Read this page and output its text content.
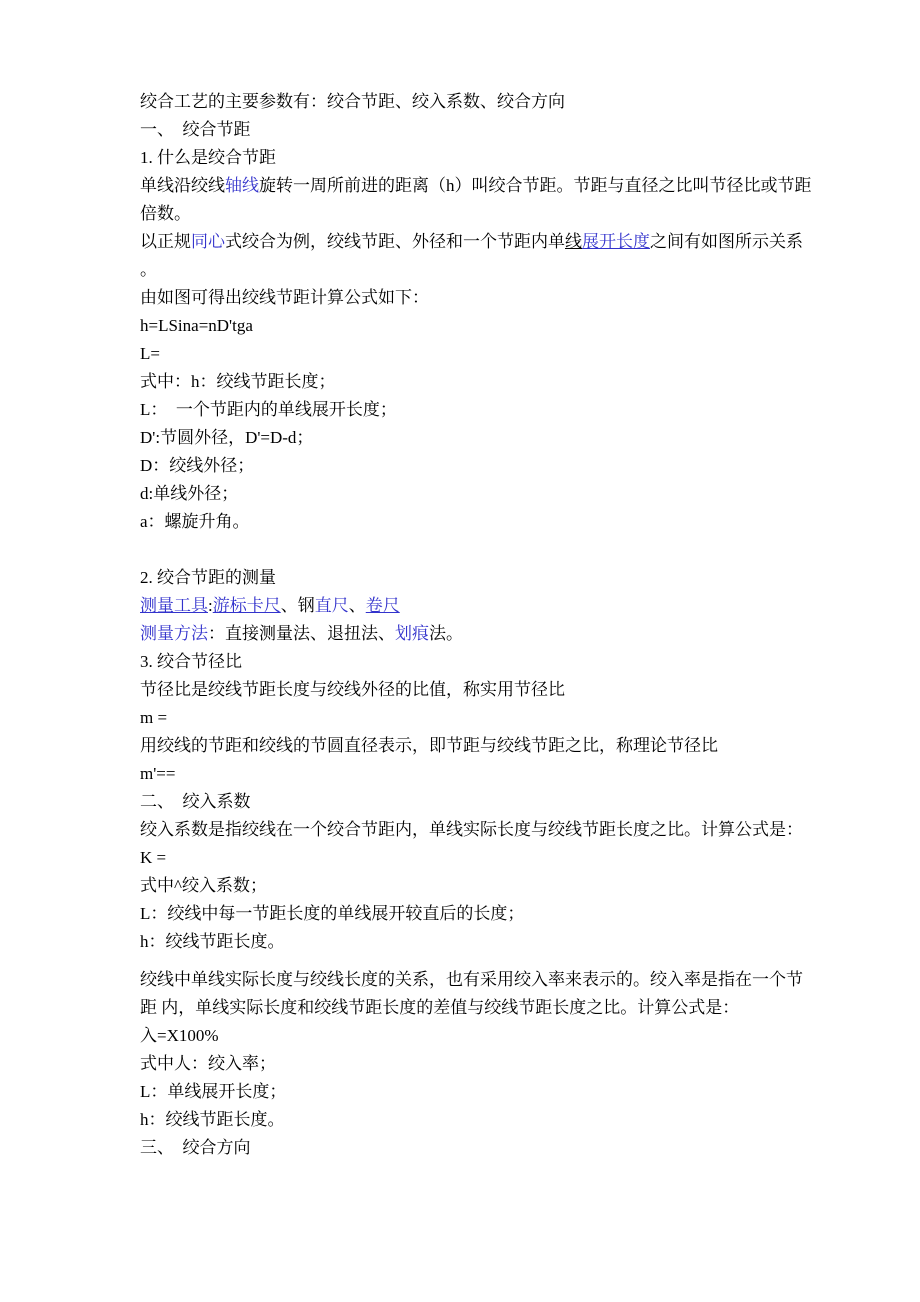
绞合工艺的主要参数有：绞合节距、绞入系数、绞合方向
一、　绞合节距
1. 什么是绞合节距
单线沿绞线轴线旋转一周所前进的距离（h）叫绞合节距。节距与直径之比叫节径比或节距
倍数。
以正规同心式绞合为例，绞线节距、外径和一个节距内单线展开长度之间有如图所示关系
。
由如图可得出绞线节距计算公式如下：
h=LSina=nD'tga
L=
式中：h：绞线节距长度；
L：　一个节距内的单线展开长度；
D':节圆外径，D'=D-d；
D：绞线外径；
d:单线外径；
a：螺旋升角。
2. 绞合节距的测量
测量工具:游标卡尺、钢直尺、卷尺
测量方法：直接测量法、退扭法、划痕法。
3. 绞合节径比
节径比是绞线节距长度与绞线外径的比值，称实用节径比
m =
用绞线的节距和绞线的节圆直径表示，即节距与绞线节距之比，称理论节径比
m'==
二、　绞入系数
绞入系数是指绞线在一个绞合节距内，单线实际长度与绞线节距长度之比。计算公式是：
K =
式中^绞入系数；
L：绞线中每一节距长度的单线展开较直后的长度；
h：绞线节距长度。
绞线中单线实际长度与绞线长度的关系，也有采用绞入率来表示的。绞入率是指在一个节
距 内，单线实际长度和绞线节距长度的差值与绞线节距长度之比。计算公式是：
入=X100%
式中人：绞入率；
L：单线展开长度；
h：绞线节距长度。
三、　绞合方向
